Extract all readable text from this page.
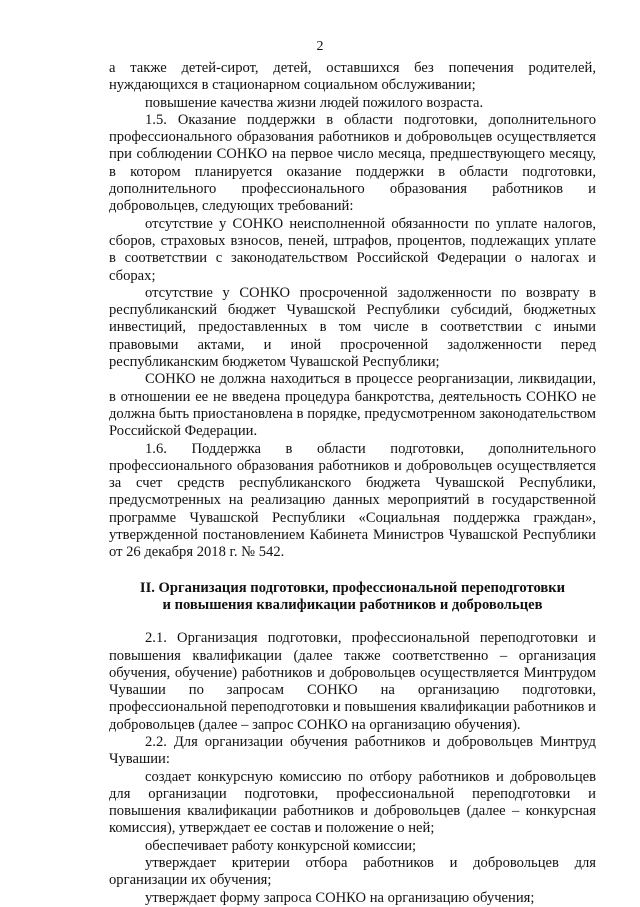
2

а также детей-сирот, детей, оставшихся без попечения родителей, нуждающихся в стационарном социальном обслуживании;

повышение качества жизни людей пожилого возраста.

1.5. Оказание поддержки в области подготовки, дополнительного профессионального образования работников и добровольцев осуществляется при соблюдении СОНКО на первое число месяца, предшествующего месяцу, в котором планируется оказание поддержки в области подготовки, дополнительного профессионального образования работников и добровольцев, следующих требований:

отсутствие у СОНКО неисполненной обязанности по уплате налогов, сборов, страховых взносов, пеней, штрафов, процентов, подлежащих уплате в соответствии с законодательством Российской Федерации о налогах и сборах;

отсутствие у СОНКО просроченной задолженности по возврату в республиканский бюджет Чувашской Республики субсидий, бюджетных инвестиций, предоставленных в том числе в соответствии с иными правовыми актами, и иной просроченной задолженности перед республиканским бюджетом Чувашской Республики;

СОНКО не должна находиться в процессе реорганизации, ликвидации, в отношении ее не введена процедура банкротства, деятельность СОНКО не должна быть приостановлена в порядке, предусмотренном законодательством Российской Федерации.

1.6. Поддержка в области подготовки, дополнительного профессионального образования работников и добровольцев осуществляется за счет средств республиканского бюджета Чувашской Республики, предусмотренных на реализацию данных мероприятий в государственной программе Чувашской Республики «Социальная поддержка граждан», утвержденной постановлением Кабинета Министров Чувашской Республики от 26 декабря 2018 г. № 542.

II. Организация подготовки, профессиональной переподготовки
и повышения квалификации работников и добровольцев

2.1. Организация подготовки, профессиональной переподготовки и повышения квалификации (далее также соответственно – организация обучения, обучение) работников и добровольцев осуществляется Минтрудом Чувашии по запросам СОНКО на организацию подготовки, профессиональной переподготовки и повышения квалификации работников и добровольцев (далее – запрос СОНКО на организацию обучения).

2.2. Для организации обучения работников и добровольцев Минтруд Чувашии:

создает конкурсную комиссию по отбору работников и добровольцев для организации подготовки, профессиональной переподготовки и повышения квалификации работников и добровольцев (далее – конкурсная комиссия), утверждает ее состав и положение о ней;

обеспечивает работу конкурсной комиссии;

утверждает критерии отбора работников и добровольцев для организации их обучения;

утверждает форму запроса СОНКО на организацию обучения;
